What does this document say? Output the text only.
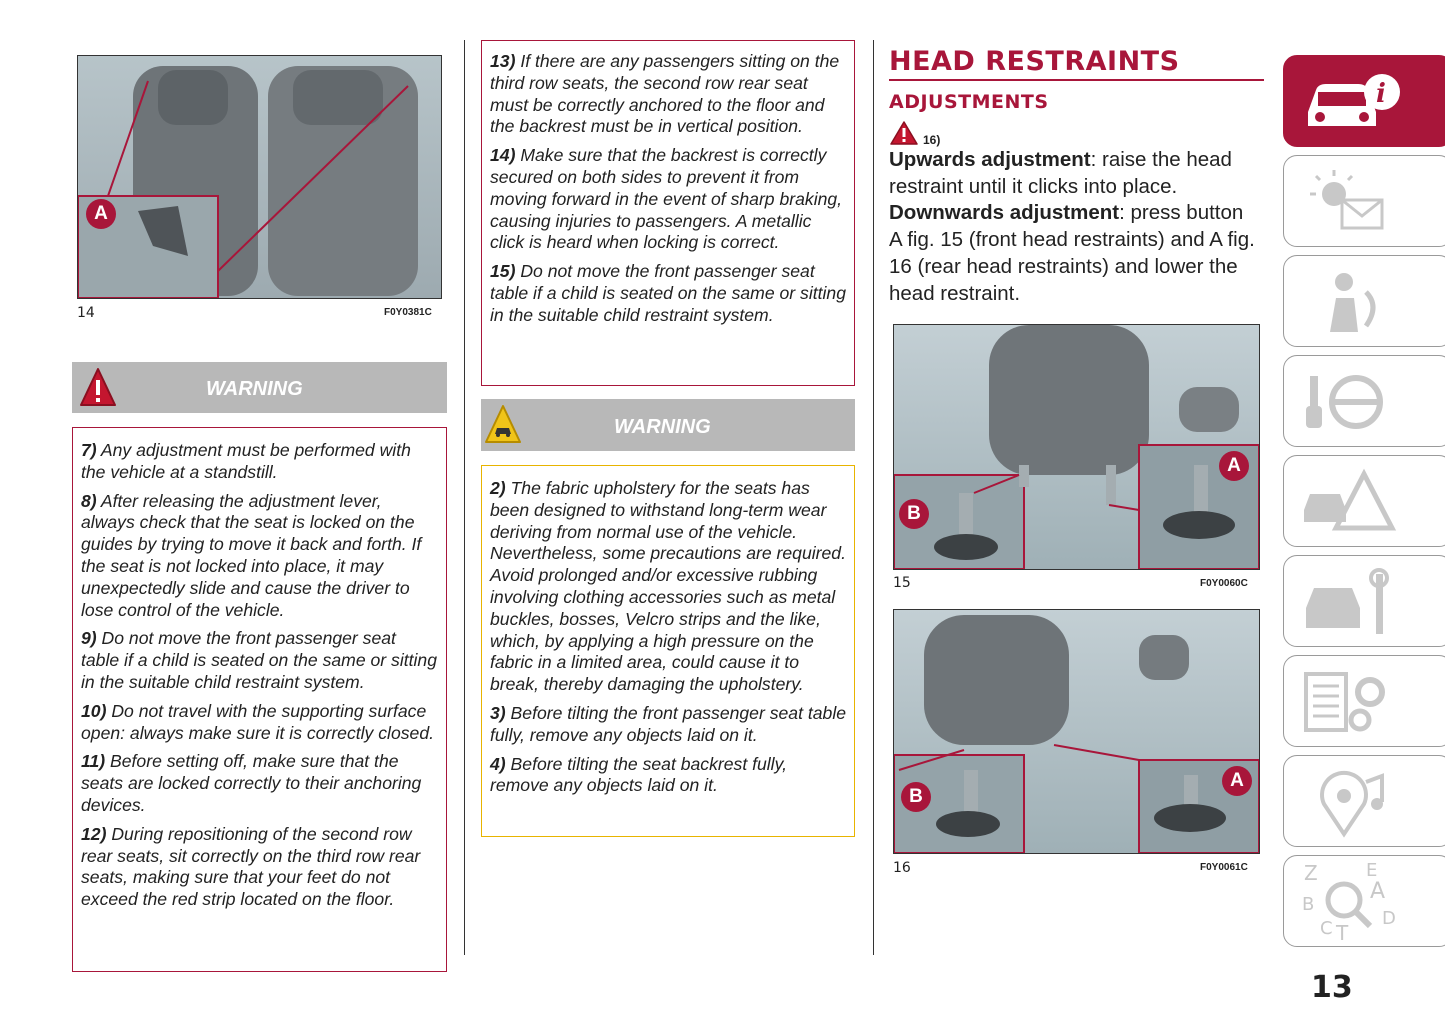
A
14	F0Y0381C
WARNING

7) Any adjustment must be performed with the vehicle at a standstill.

8) After releasing the adjustment lever, always check that the seat is locked on the guides by trying to move it back and forth. If the seat is not locked into place, it may unexpectedly slide and cause the driver to lose control of the vehicle.

9) Do not move the front passenger seat table if a child is seated on the same or sitting in the suitable child restraint system.

10) Do not travel with the supporting surface open: always make sure it is correctly closed.

11) Before setting off, make sure that the seats are locked correctly to their anchoring devices.

12) During repositioning of the second row rear seats, sit correctly on the third row rear seats, making sure that your feet do not exceed the red strip located on the floor.

13) If there are any passengers sitting on the third row seats, the second row rear seat must be correctly anchored to the floor and the backrest must be in vertical position.

14) Make sure that the backrest is correctly secured on both sides to prevent it from moving forward in the event of sharp braking, causing injuries to passengers. A metallic click is heard when locking is correct.

15) Do not move the front passenger seat table if a child is seated on the same or sitting in the suitable child restraint system.

WARNING

2) The fabric upholstery for the seats has been designed to withstand long-term wear deriving from normal use of the vehicle. Nevertheless, some precautions are required. Avoid prolonged and/or excessive rubbing involving clothing accessories such as metal buckles, bosses, Velcro strips and the like, which, by applying a high pressure on the fabric in a limited area, could cause it to break, thereby damaging the upholstery.

3) Before tilting the front passenger seat table fully, remove any objects laid on it.

4) Before tilting the seat backrest fully, remove any objects laid on it.

HEAD RESTRAINTS
ADJUSTMENTS
16)
Upwards adjustment: raise the head restraint until it clicks into place.
Downwards adjustment: press button A fig. 15 (front head restraints) and A fig. 16 (rear head restraints) and lower the head restraint.
A
B
15	F0Y0060C
A
B
16	F0Y0061C
i
Z	E
B
A
C T
D
13
